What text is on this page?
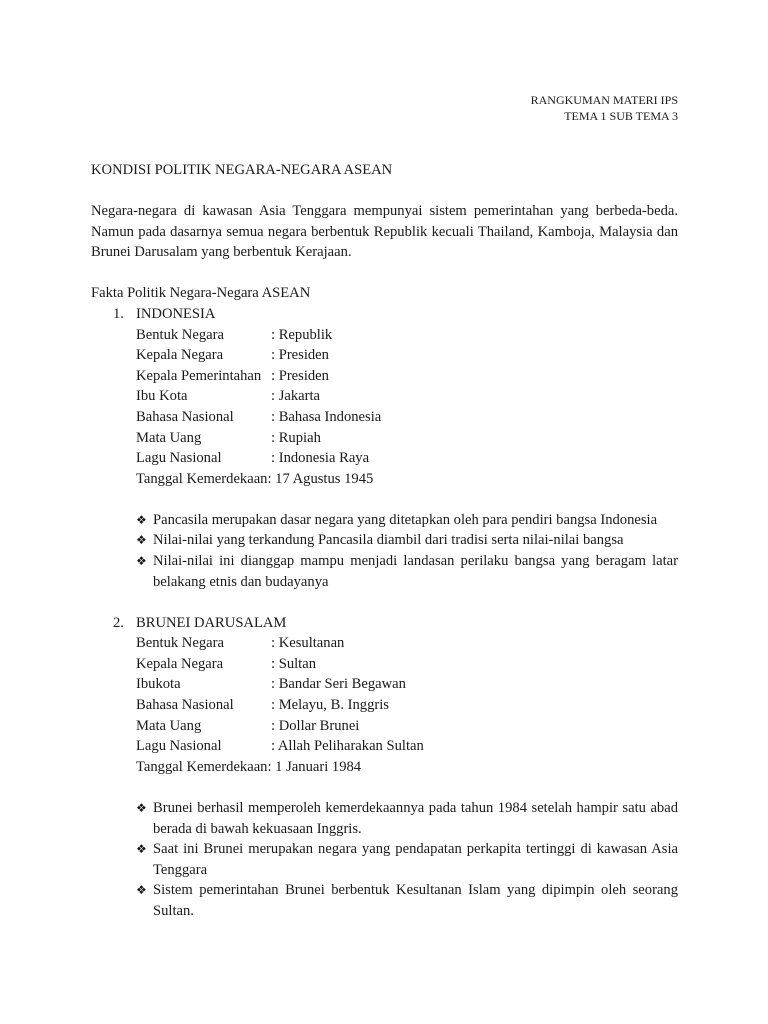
RANGKUMAN MATERI IPS
TEMA 1 SUB TEMA 3
KONDISI POLITIK NEGARA-NEGARA ASEAN
Negara-negara di kawasan Asia Tenggara mempunyai sistem pemerintahan yang berbeda-beda. Namun pada dasarnya semua negara berbentuk Republik kecuali Thailand, Kamboja, Malaysia dan Brunei Darusalam yang berbentuk Kerajaan.
Fakta Politik Negara-Negara ASEAN
1. INDONESIA
Bentuk Negara	: Republik
Kepala Negara	: Presiden
Kepala Pemerintahan : Presiden
Ibu Kota	: Jakarta
Bahasa Nasional	: Bahasa Indonesia
Mata Uang	: Rupiah
Lagu Nasional	: Indonesia Raya
Tanggal Kemerdekaan: 17 Agustus 1945
❖ Pancasila merupakan dasar negara yang ditetapkan oleh para pendiri bangsa Indonesia
❖ Nilai-nilai yang terkandung Pancasila diambil dari tradisi serta nilai-nilai bangsa
❖ Nilai-nilai ini dianggap mampu menjadi landasan perilaku bangsa yang beragam latar belakang etnis dan budayanya
2. BRUNEI DARUSALAM
Bentuk Negara	: Kesultanan
Kepala Negara	: Sultan
Ibukota	: Bandar Seri Begawan
Bahasa Nasional	: Melayu, B. Inggris
Mata Uang	: Dollar Brunei
Lagu Nasional	: Allah Peliharakan Sultan
Tanggal Kemerdekaan: 1 Januari 1984
❖ Brunei berhasil memperoleh kemerdekaannya pada tahun 1984 setelah hampir satu abad berada di bawah kekuasaan Inggris.
❖ Saat ini Brunei merupakan negara yang pendapatan perkapita tertinggi di kawasan Asia Tenggara
❖ Sistem pemerintahan Brunei berbentuk Kesultanan Islam yang dipimpin oleh seorang Sultan.
